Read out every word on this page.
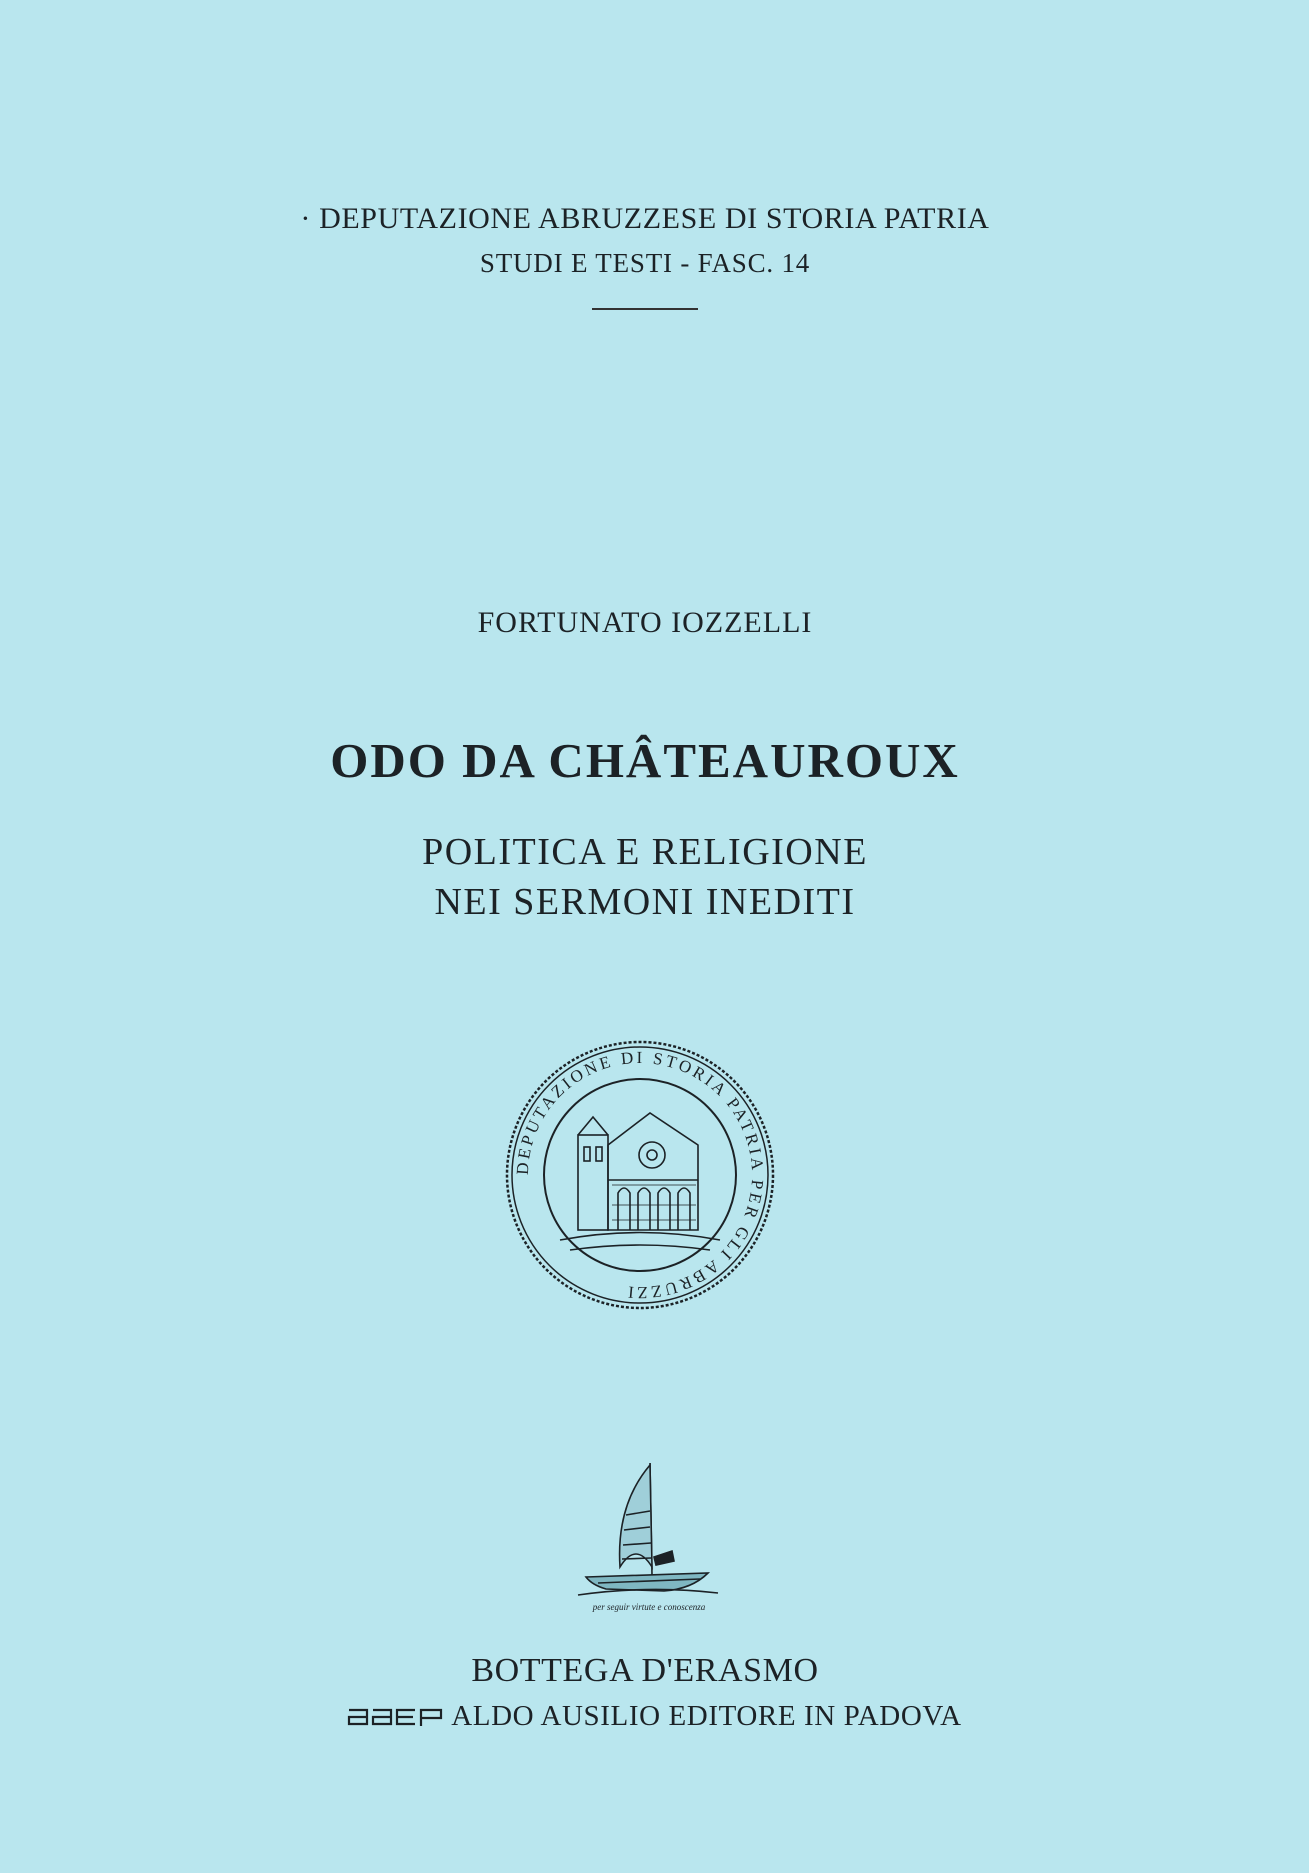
· DEPUTAZIONE ABRUZZESE DI STORIA PATRIA
STUDI E TESTI - FASC. 14
FORTUNATO IOZZELLI
ODO DA CHÂTEAUROUX
POLITICA E RELIGIONE
NEI SERMONI INEDITI
DEPUTAZIONE DI STORIA PATRIA PER GLI ABRUZZI
per seguir virtute e conoscenza
BOTTEGA D'ERASMO
ALDO AUSILIO EDITORE IN PADOVA
